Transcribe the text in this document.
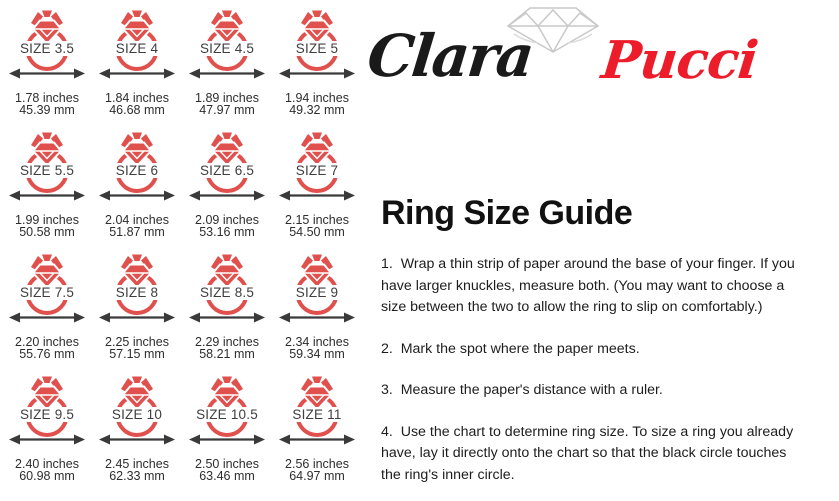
SIZE 3.5
1.78 inches
45.39 mm
SIZE 4
1.84 inches
46.68 mm
SIZE 4.5
1.89 inches
47.97 mm
SIZE 5
1.94 inches
49.32 mm
SIZE 5.5
1.99 inches
50.58 mm
SIZE 6
2.04 inches
51.87 mm
SIZE 6.5
2.09 inches
53.16 mm
SIZE 7
2.15 inches
54.50 mm
SIZE 7.5
2.20 inches
55.76 mm
SIZE 8
2.25 inches
57.15 mm
SIZE 8.5
2.29 inches
58.21 mm
SIZE 9
2.34 inches
59.34 mm
SIZE 9.5
2.40 inches
60.98 mm
SIZE 10
2.45 inches
62.33 mm
SIZE 10.5
2.50 inches
63.46 mm
SIZE 11
2.56 inches
64.97 mm
Clara Pucci
Ring Size Guide

1.  Wrap a thin strip of paper around the base of your finger. If you
have larger knuckles, measure both. (You may want to choose a
size between the two to allow the ring to slip on comfortably.)

2.  Mark the spot where the paper meets.

3.  Measure the paper's distance with a ruler.

4.  Use the chart to determine ring size. To size a ring you already
have, lay it directly onto the chart so that the black circle touches
the ring's inner circle.
